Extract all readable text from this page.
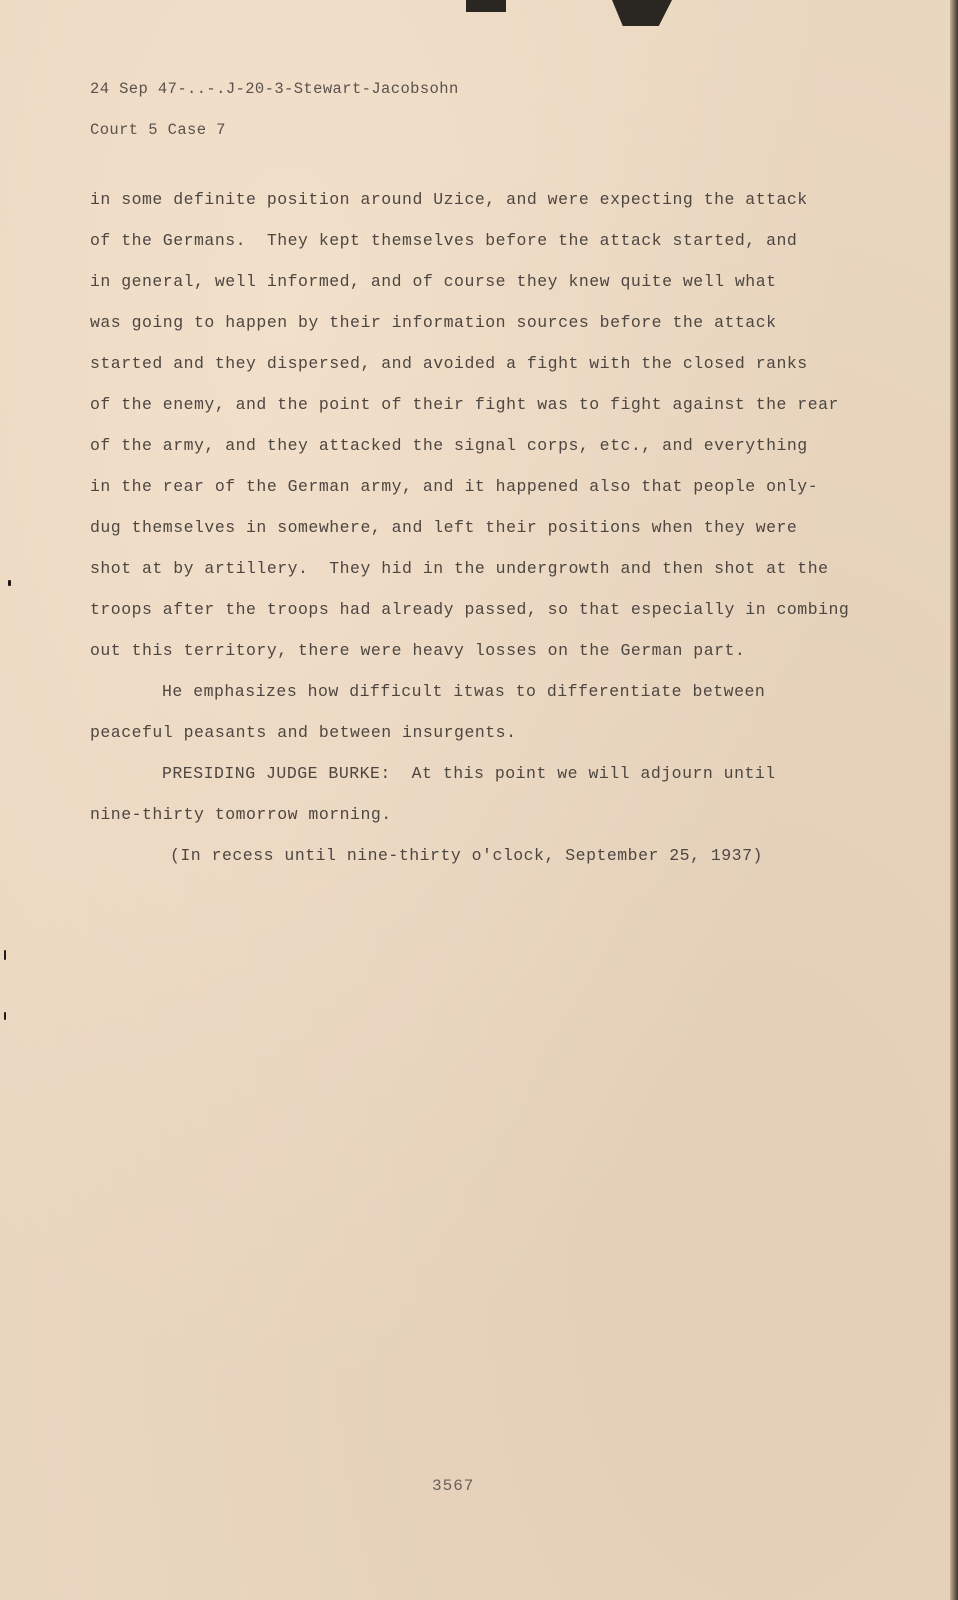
24 Sep 47-..-.J-20-3-Stewart-Jacobsohn
Court 5 Case 7
in some definite position around Uzice, and were expecting the attack
of the Germans.  They kept themselves before the attack started, and
in general, well informed, and of course they knew quite well what
was going to happen by their information sources before the attack
started and they dispersed, and avoided a fight with the closed ranks
of the enemy, and the point of their fight was to fight against the rear
of the army, and they attacked the signal corps, etc., and everything
in the rear of the German army, and it happened also that people only-
dug themselves in somewhere, and left their positions when they were
shot at by artillery.  They hid in the undergrowth and then shot at the
troops after the troops had already passed, so that especially in combing
out this territory, there were heavy losses on the German part.
He emphasizes how difficult itwas to differentiate between
peaceful peasants and between insurgents.
PRESIDING JUDGE BURKE:  At this point we will adjourn until
nine-thirty tomorrow morning.
(In recess until nine-thirty o'clock, September 25, 1937)
3567
